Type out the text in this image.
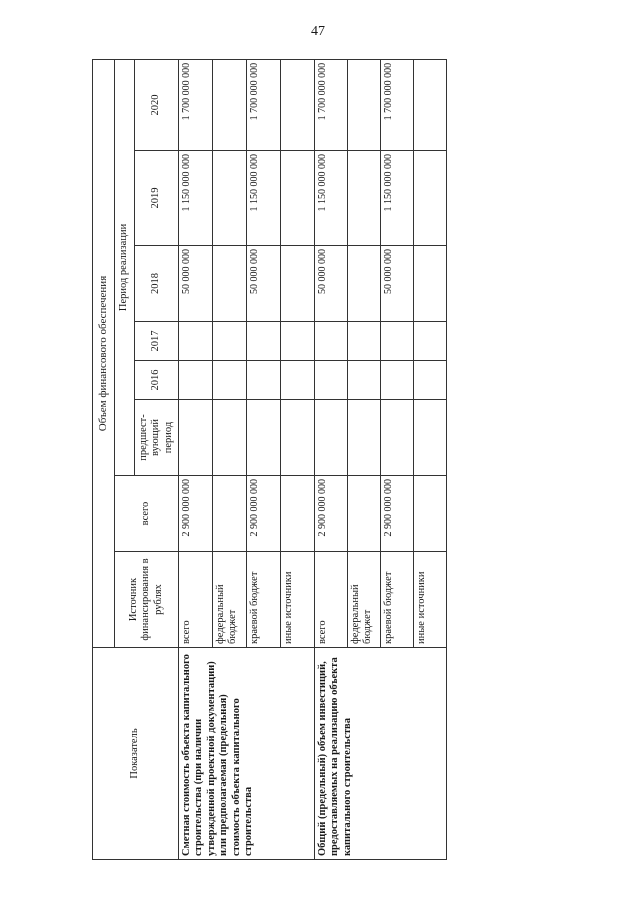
47
Показатель	Объем финансового обеспечения							
	Источник финансирования в рублях	всего	Период реализации					
			предшест-вующий период	2016	2017	2018	2019	2020
Сметная стоимость объекта капитального строительства (при наличии утвержденной проектной документации) или предполагаемая (предельная) стоимость объекта капитального строительства	всего	2 900 000 000				50 000 000	1 150 000 000	1 700 000 000
	федеральный бюджет							
	краевой бюджет	2 900 000 000				50 000 000	1 150 000 000	1 700 000 000
	иные источники							
Общий (предельный) объем инвестиций, предоставляемых на реализацию объекта капитального строительства	всего	2 900 000 000				50 000 000	1 150 000 000	1 700 000 000
	федеральный бюджет							
	краевой бюджет	2 900 000 000				50 000 000	1 150 000 000	1 700 000 000
	иные источники							
